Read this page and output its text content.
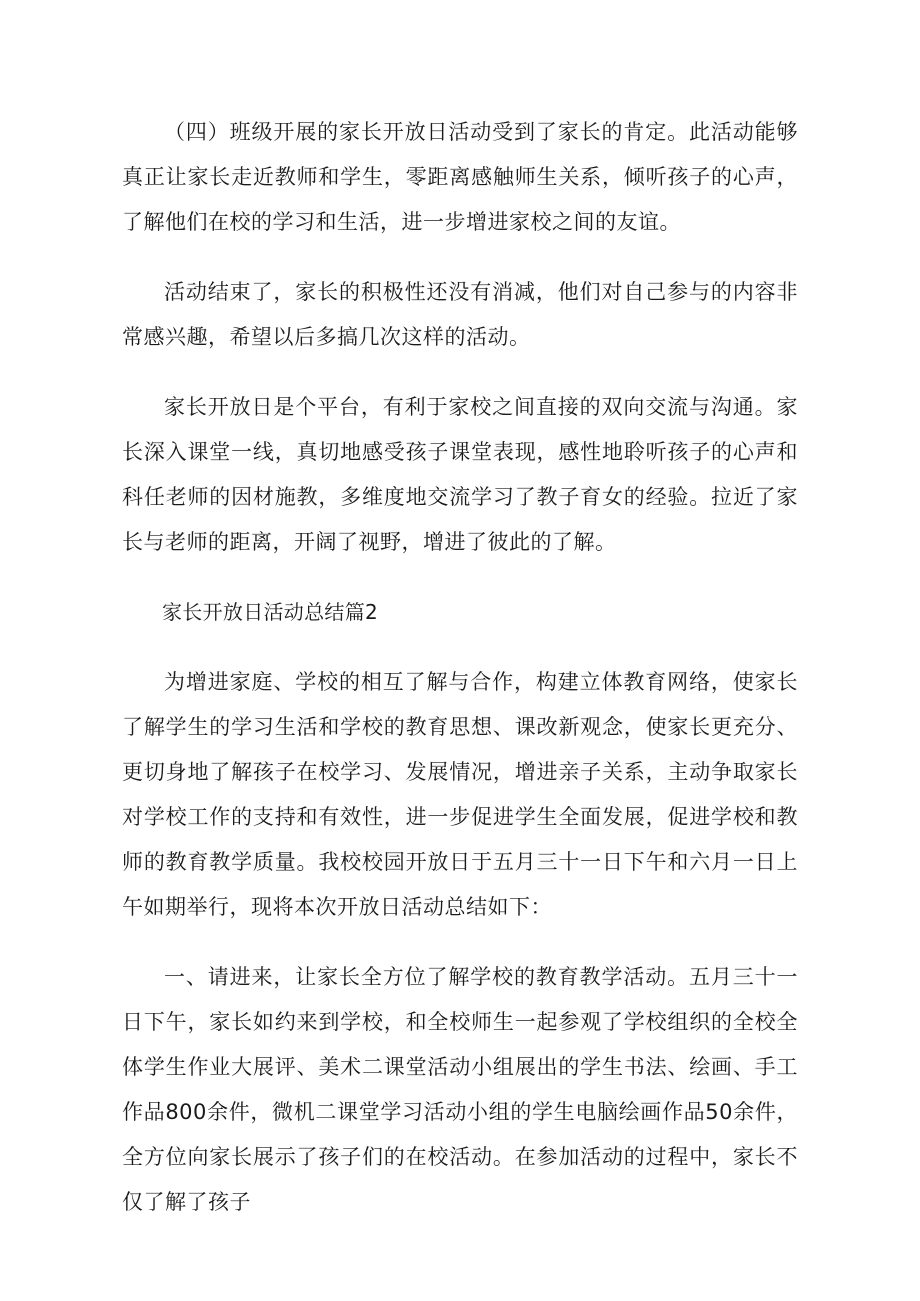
（四）班级开展的家长开放日活动受到了家长的肯定。此活动能够真正让家长走近教师和学生，零距离感触师生关系，倾听孩子的心声，了解他们在校的学习和生活，进一步增进家校之间的友谊。

活动结束了，家长的积极性还没有消减，他们对自己参与的内容非常感兴趣，希望以后多搞几次这样的活动。

家长开放日是个平台，有利于家校之间直接的双向交流与沟通。家长深入课堂一线，真切地感受孩子课堂表现，感性地聆听孩子的心声和科任老师的因材施教，多维度地交流学习了教子育女的经验。拉近了家长与老师的距离，开阔了视野，增进了彼此的了解。

家长开放日活动总结篇2

为增进家庭、学校的相互了解与合作，构建立体教育网络，使家长了解学生的学习生活和学校的教育思想、课改新观念，使家长更充分、更切身地了解孩子在校学习、发展情况，增进亲子关系，主动争取家长对学校工作的支持和有效性，进一步促进学生全面发展，促进学校和教师的教育教学质量。我校校园开放日于五月三十一日下午和六月一日上午如期举行，现将本次开放日活动总结如下：

一、请进来，让家长全方位了解学校的教育教学活动。五月三十一日下午，家长如约来到学校，和全校师生一起参观了学校组织的全校全体学生作业大展评、美术二课堂活动小组展出的学生书法、绘画、手工作品800余件，微机二课堂学习活动小组的学生电脑绘画作品50余件，全方位向家长展示了孩子们的在校活动。在参加活动的过程中，家长不仅了解了孩子
